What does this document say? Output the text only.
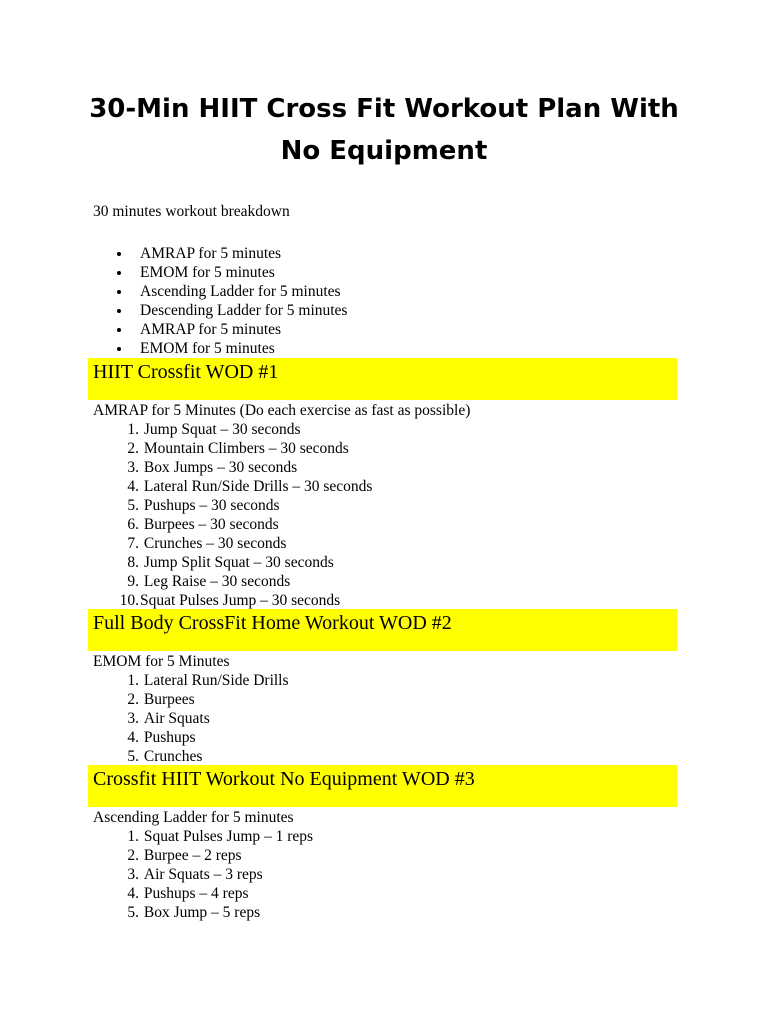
30-Min HIIT Cross Fit Workout Plan With
No Equipment
30 minutes workout breakdown
AMRAP for 5 minutes
EMOM for 5 minutes
Ascending Ladder for 5 minutes
Descending Ladder for 5 minutes
AMRAP for 5 minutes
EMOM for 5 minutes
HIIT Crossfit WOD #1
AMRAP for 5 Minutes (Do each exercise as fast as possible)
1. Jump Squat – 30 seconds
2. Mountain Climbers – 30 seconds
3. Box Jumps – 30 seconds
4. Lateral Run/Side Drills – 30 seconds
5. Pushups – 30 seconds
6. Burpees – 30 seconds
7. Crunches – 30 seconds
8. Jump Split Squat – 30 seconds
9. Leg Raise – 30 seconds
10.Squat Pulses Jump – 30 seconds
Full Body CrossFit Home Workout WOD #2
EMOM for 5 Minutes
1. Lateral Run/Side Drills
2. Burpees
3. Air Squats
4. Pushups
5. Crunches
Crossfit HIIT Workout No Equipment WOD #3
Ascending Ladder for 5 minutes
1. Squat Pulses Jump – 1 reps
2. Burpee – 2 reps
3. Air Squats – 3 reps
4. Pushups – 4 reps
5. Box Jump – 5 reps
